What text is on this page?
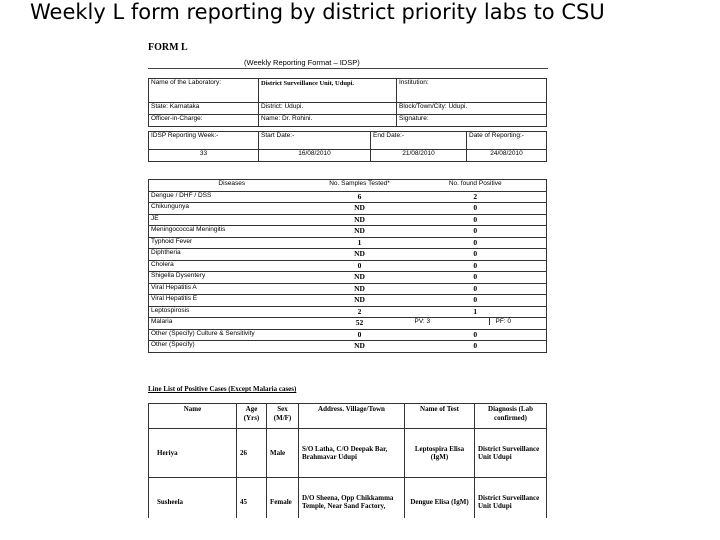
Weekly L form reporting by district priority labs to CSU
FORM L
(Weekly Reporting Format – IDSP)
Name of the Laboratory:	District Surveillance Unit, Udupi.	Institution:
State: Karnataka	District: Udupi.	Block/Town/City: Udupi.
Officer-in-Charge:	Name: Dr. Rohini.	Signature:
IDSP Reporting Week:-	Start Date:-	End Date:-	Date of Reporting:-
33	16/08/2010	21/08/2010	24/08/2010
Diseases	No. Samples Tested*	No. found Positive
Dengue / DHF / DSS	6	2
Chikungunya	ND	0
JE	ND	0
Meningococcal Meningitis	ND	0
Typhoid Fever	1	0
Diphtheria	ND	0
Cholera	0	0
Shigella Dysentery	ND	0
Viral Hepatitis A	ND	0
Viral Hepatitis E	ND	0
Leptospirosis	2	1
Malaria	52	PV: 3 PF: 0
Other (Specify) Culture & Sensitivity	0	0
Other (Specify)	ND	0
Line List of Positive Cases (Except Malaria cases)
Name	Age (Yrs)	Sex (M/F)	Address. Village/Town	Name of Test	Diagnosis (Lab confirmed)
Heriya	26	Male	S/O Latha, C/O Deepak Bar, Brahmavar Udupi	Leptospira Elisa (IgM)	District Surveillance Unit Udupi
Susheela	45	Female	D/O Sheena, Opp Chikkamma Temple, Near Sand Factory,	Dengue Elisa (IgM)	District Surveillance Unit Udupi
